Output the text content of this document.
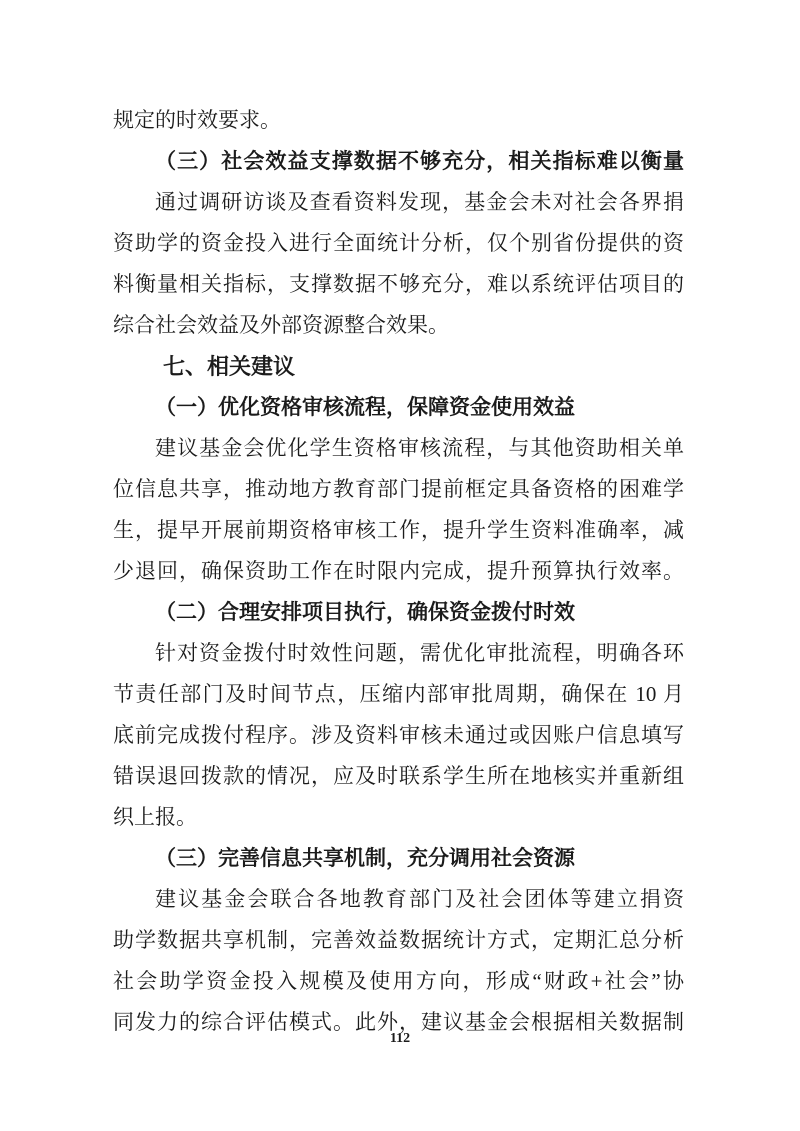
规定的时效要求。
（三）社会效益支撑数据不够充分，相关指标难以衡量
通过调研访谈及查看资料发现，基金会未对社会各界捐
资助学的资金投入进行全面统计分析，仅个别省份提供的资
料衡量相关指标，支撑数据不够充分，难以系统评估项目的
综合社会效益及外部资源整合效果。
七、相关建议
（一）优化资格审核流程，保障资金使用效益
建议基金会优化学生资格审核流程，与其他资助相关单
位信息共享，推动地方教育部门提前框定具备资格的困难学
生，提早开展前期资格审核工作，提升学生资料准确率，减
少退回，确保资助工作在时限内完成，提升预算执行效率。
（二）合理安排项目执行，确保资金拨付时效
针对资金拨付时效性问题，需优化审批流程，明确各环
节责任部门及时间节点，压缩内部审批周期，确保在 10 月
底前完成拨付程序。涉及资料审核未通过或因账户信息填写
错误退回拨款的情况，应及时联系学生所在地核实并重新组
织上报。
（三）完善信息共享机制，充分调用社会资源
建议基金会联合各地教育部门及社会团体等建立捐资
助学数据共享机制，完善效益数据统计方式，定期汇总分析
社会助学资金投入规模及使用方向，形成“财政+社会”协
同发力的综合评估模式。此外，建议基金会根据相关数据制
112
